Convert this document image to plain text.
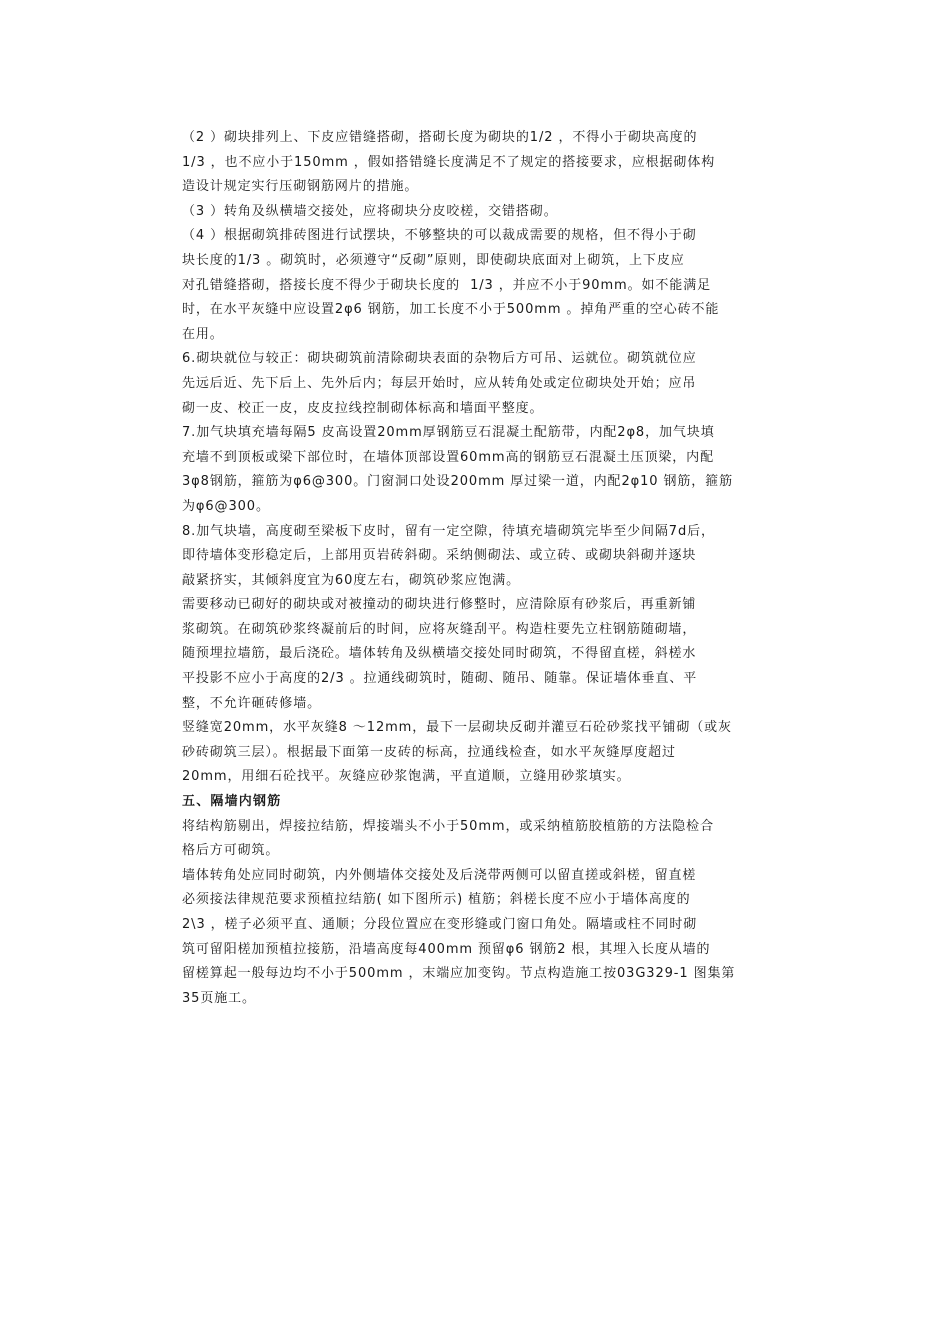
（2 ）砌块排列上、下皮应错缝搭砌，搭砌长度为砌块的1/2 ，不得小于砌块高度的
1/3 ，也不应小于150mm ，假如搭错缝长度满足不了规定的搭接要求，应根据砌体构
造设计规定实行压砌钢筋网片的措施。
（3 ）转角及纵横墙交接处，应将砌块分皮咬槎，交错搭砌。
（4 ）根据砌筑排砖图进行试摆块，不够整块的可以裁成需要的规格，但不得小于砌
块长度的1/3 。砌筑时，必须遵守“反砌”原则，即使砌块底面对上砌筑，上下皮应
对孔错缝搭砌，搭接长度不得少于砌块长度的  1/3 ，并应不小于90mm。如不能满足
时，在水平灰缝中应设置2φ6 钢筋，加工长度不小于500mm 。掉角严重的空心砖不能
在用。
6.砌块就位与较正：砌块砌筑前清除砌块表面的杂物后方可吊、运就位。砌筑就位应
先远后近、先下后上、先外后内；每层开始时，应从转角处或定位砌块处开始；应吊
砌一皮、校正一皮，皮皮拉线控制砌体标高和墙面平整度。
7.加气块填充墙每隔5 皮高设置20mm厚钢筋豆石混凝土配筋带，内配2φ8，加气块填
充墙不到顶板或梁下部位时，在墙体顶部设置60mm高的钢筋豆石混凝土压顶梁，内配
3φ8钢筋，箍筋为φ6@300。门窗洞口处设200mm 厚过梁一道，内配2φ10 钢筋，箍筋
为φ6@300。
8.加气块墙，高度砌至梁板下皮时，留有一定空隙，待填充墙砌筑完毕至少间隔7d后，
即待墙体变形稳定后，上部用页岩砖斜砌。采纳侧砌法、或立砖、或砌块斜砌并逐块
敲紧挤实，其倾斜度宜为60度左右，砌筑砂浆应饱满。
需要移动已砌好的砌块或对被撞动的砌块进行修整时，应清除原有砂浆后，再重新铺
浆砌筑。在砌筑砂浆终凝前后的时间，应将灰缝刮平。构造柱要先立柱钢筋随砌墙，
随预埋拉墙筋，最后浇砼。墙体转角及纵横墙交接处同时砌筑，不得留直槎，斜槎水
平投影不应小于高度的2/3 。拉通线砌筑时，随砌、随吊、随靠。保证墙体垂直、平
整，不允许砸砖修墙。
竖缝宽20mm，水平灰缝8 ～12mm，最下一层砌块反砌并灌豆石砼砂浆找平铺砌（或灰
砂砖砌筑三层）。根据最下面第一皮砖的标高，拉通线检查，如水平灰缝厚度超过
20mm，用细石砼找平。灰缝应砂浆饱满，平直道顺，立缝用砂浆填实。
五、隔墙内钢筋
将结构筋剔出，焊接拉结筋，焊接端头不小于50mm，或采纳植筋胶植筋的方法隐检合
格后方可砌筑。
墙体转角处应同时砌筑，内外侧墙体交接处及后浇带两侧可以留直搓或斜槎，留直槎
必须接法律规范要求预植拉结筋( 如下图所示) 植筋；斜槎长度不应小于墙体高度的
2\3 ，槎子必须平直、通顺；分段位置应在变形缝或门窗口角处。隔墙或柱不同时砌
筑可留阳槎加预植拉接筋，沿墙高度每400mm 预留φ6 钢筋2 根，其埋入长度从墙的
留槎算起一般每边均不小于500mm ，末端应加变钩。节点构造施工按03G329-1 图集第
35页施工。
